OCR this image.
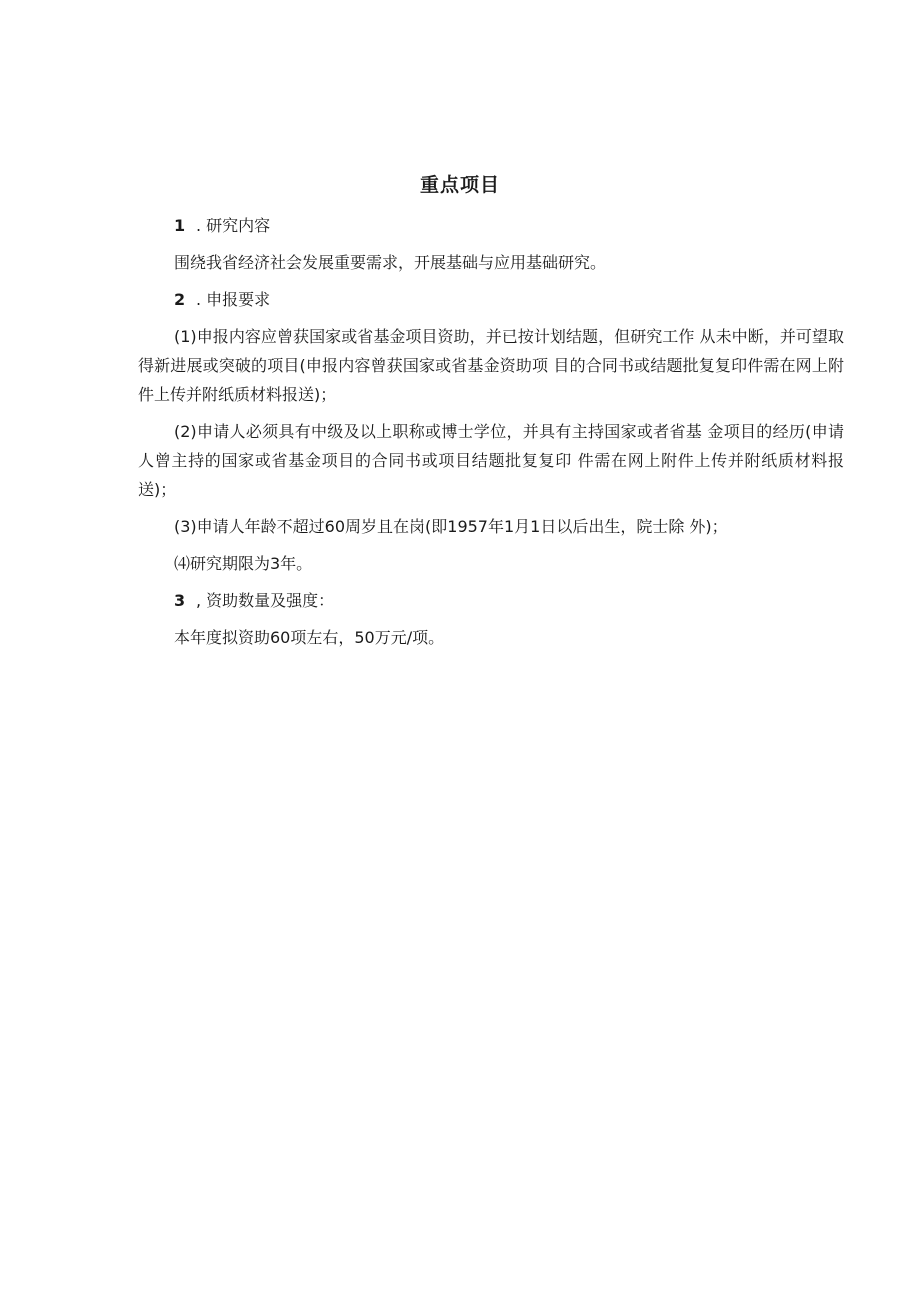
重点项目
1 . 研究内容
围绕我省经济社会发展重要需求，开展基础与应用基础研究。
2 . 申报要求
(1)申报内容应曾获国家或省基金项目资助，并已按计划结题，但研究工作 从未中断，并可望取得新进展或突破的项目(申报内容曾获国家或省基金资助项 目的合同书或结题批复复印件需在网上附件上传并附纸质材料报送)；
(2)申请人必须具有中级及以上职称或博士学位，并具有主持国家或者省基 金项目的经历(申请人曾主持的国家或省基金项目的合同书或项目结题批复复印 件需在网上附件上传并附纸质材料报送)；
(3)申请人年龄不超过60周岁且在岗(即1957年1月1日以后出生，院士除 外)；
⑷研究期限为3年。
3 , 资助数量及强度：
本年度拟资助60项左右，50万元/项。
